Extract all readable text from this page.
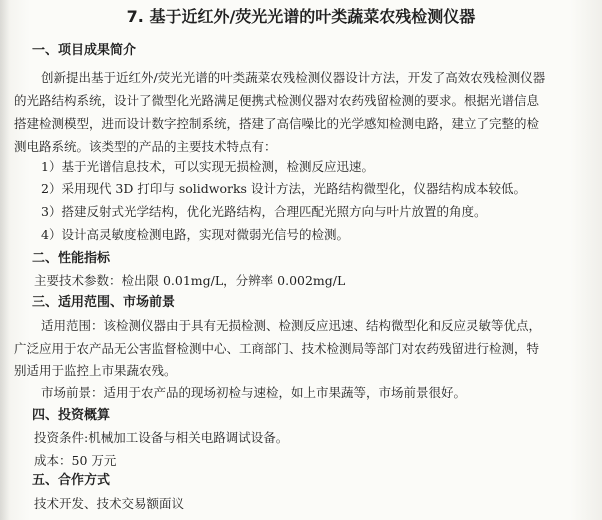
7. 基于近红外/荧光光谱的叶类蔬菜农残检测仪器
一、项目成果简介
创新提出基于近红外/荧光光谱的叶类蔬菜农残检测仪器设计方法，开发了高效农残检测仪器
的光路结构系统，设计了微型化光路满足便携式检测仪器对农药残留检测的要求。根据光谱信息
搭建检测模型，进而设计数字控制系统，搭建了高信噪比的光学感知检测电路，建立了完整的检
测电路系统。该类型的产品的主要技术特点有：
1）基于光谱信息技术，可以实现无损检测，检测反应迅速。
2）采用现代 3D 打印与 solidworks 设计方法，光路结构微型化，仪器结构成本较低。
3）搭建反射式光学结构，优化光路结构，合理匹配光照方向与叶片放置的角度。
4）设计高灵敏度检测电路，实现对微弱光信号的检测。
二、性能指标
主要技术参数：检出限 0.01mg/L，分辨率 0.002mg/L
三、适用范围、市场前景
适用范围：该检测仪器由于具有无损检测、检测反应迅速、结构微型化和反应灵敏等优点，
广泛应用于农产品无公害监督检测中心、工商部门、技术检测局等部门对农药残留进行检测，特
别适用于监控上市果蔬农残。
市场前景：适用于农产品的现场初检与速检，如上市果蔬等，市场前景很好。
四、投资概算
投资条件:机械加工设备与相关电路调试设备。
成本：50 万元
五、合作方式
技术开发、技术交易额面议
